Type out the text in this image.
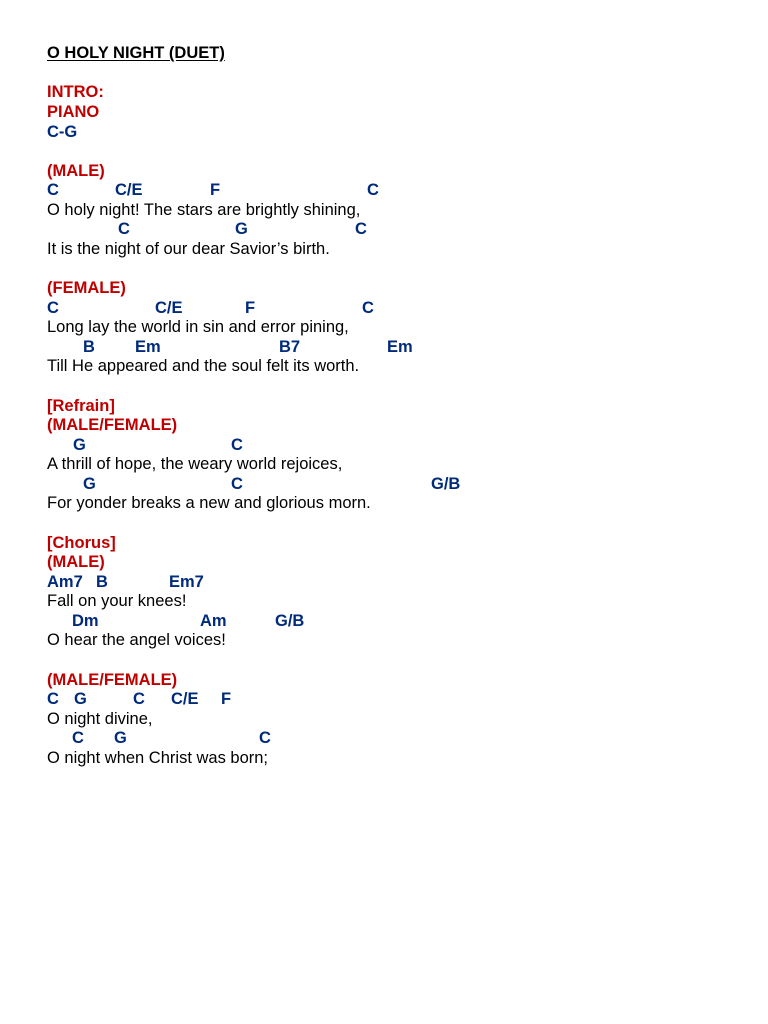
O HOLY NIGHT (DUET)
INTRO:
PIANO
C-G
(MALE)
C	C/E	F	C
O holy night! The stars are brightly shining,
C	G	C
It is the night of our dear Savior’s birth.
(FEMALE)
C	C/E	F	C
Long lay the world in sin and error pining,
B Em	B7	Em
Till He appeared and the soul felt its worth.
[Refrain]
(MALE/FEMALE)
G	C
A thrill of hope, the weary world rejoices,
G	C	G/B
For yonder breaks a new and glorious morn.
[Chorus]
(MALE)
Am7 B	Em7
Fall on your knees!
Dm	Am	G/B
O hear the angel voices!
(MALE/FEMALE)
C G	C C/E F
O night divine,
C G	C
O night when Christ was born;
